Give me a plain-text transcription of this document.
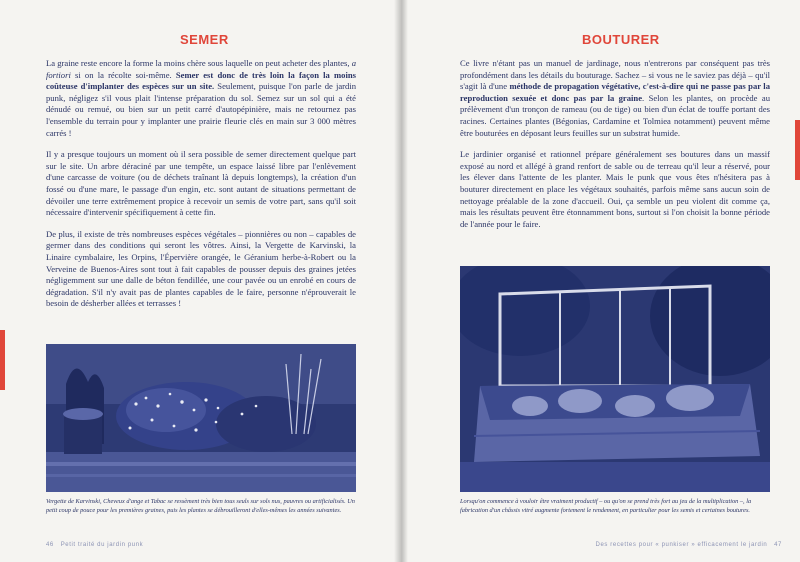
SEMER

La graine reste encore la forme la moins chère sous laquelle on peut acheter des plantes, a fortiori si on la récolte soi-même. Semer est donc de très loin la façon la moins coûteuse d'implanter des espèces sur un site. Seulement, puisque l'on parle de jardin punk, négligez s'il vous plait l'intense préparation du sol. Semez sur un sol qui a été dénudé ou remué, ou bien sur un petit carré d'autopépinière, mais ne retournez pas l'ensemble du terrain pour y implanter une prairie fleurie clés en main sur 3 000 mètres carrés !

Il y a presque toujours un moment où il sera possible de semer directement quelque part sur le site. Un arbre déraciné par une tempête, un espace laissé libre par l'enlèvement d'une carcasse de voiture (ou de déchets traînant là depuis longtemps), la création d'un fossé ou d'une mare, le passage d'un engin, etc. sont autant de situations permettant de dévoiler une terre extrêmement propice à recevoir un semis de votre part, sans qu'il soit nécessaire d'intervenir spécifiquement à cette fin.

De plus, il existe de très nombreuses espèces végétales – pionnières ou non – capables de germer dans des conditions qui seront les vôtres. Ainsi, la Vergette de Karvinski, la Linaire cymbalaire, les Orpins, l'Épervière orangée, le Géranium herbe-à-Robert ou la Verveine de Buenos-Aires sont tout à fait capables de pousser depuis des graines jetées négligemment sur une dalle de béton fendillée, une cour pavée ou un enrobé en cours de dégradation. S'il n'y avait pas de plantes capables de le faire, personne n'éprouverait le besoin de désherber allées et terrasses !

Vergette de Karvinski, Cheveux d'ange et Tabac se ressèment très bien tous seuls sur sols nus, pauvres ou artificialisés. Un petit coup de pouce pour les premières graines, puis les plantes se débrouilleront d'elles-mêmes les années suivantes.
46 Petit traité du jardin punk
BOUTURER

Ce livre n'étant pas un manuel de jardinage, nous n'entrerons par conséquent pas très profondément dans les détails du bouturage. Sachez – si vous ne le saviez pas déjà – qu'il s'agit là d'une méthode de propagation végétative, c'est-à-dire qui ne passe pas par la reproduction sexuée et donc pas par la graine. Selon les plantes, on procède au prélèvement d'un tronçon de rameau (ou de tige) ou bien d'un éclat de touffe portant des racines. Certaines plantes (Bégonias, Cardamine et Tolmiea notamment) peuvent même être bouturées en déposant leurs feuilles sur un substrat humide.

Le jardinier organisé et rationnel prépare généralement ses boutures dans un massif exposé au nord et allégé à grand renfort de sable ou de terreau qu'il leur a réservé, pour les élever dans l'attente de les planter. Mais le punk que vous êtes n'hésitera pas à bouturer directement en place les végétaux souhaités, parfois même sans aucun soin de nettoyage préalable de la zone d'accueil. Oui, ça semble un peu violent dit comme ça, mais les résultats peuvent être étonnamment bons, surtout si l'on choisit la bonne période de l'année pour le faire.

Lorsqu'on commence à vouloir être vraiment productif – ou qu'on se prend très fort au jeu de la multiplication –, la fabrication d'un châssis vitré augmente fortement le rendement, en particulier pour les semis et certaines boutures.
Des recettes pour « punkiser » efficacement le jardin 47
